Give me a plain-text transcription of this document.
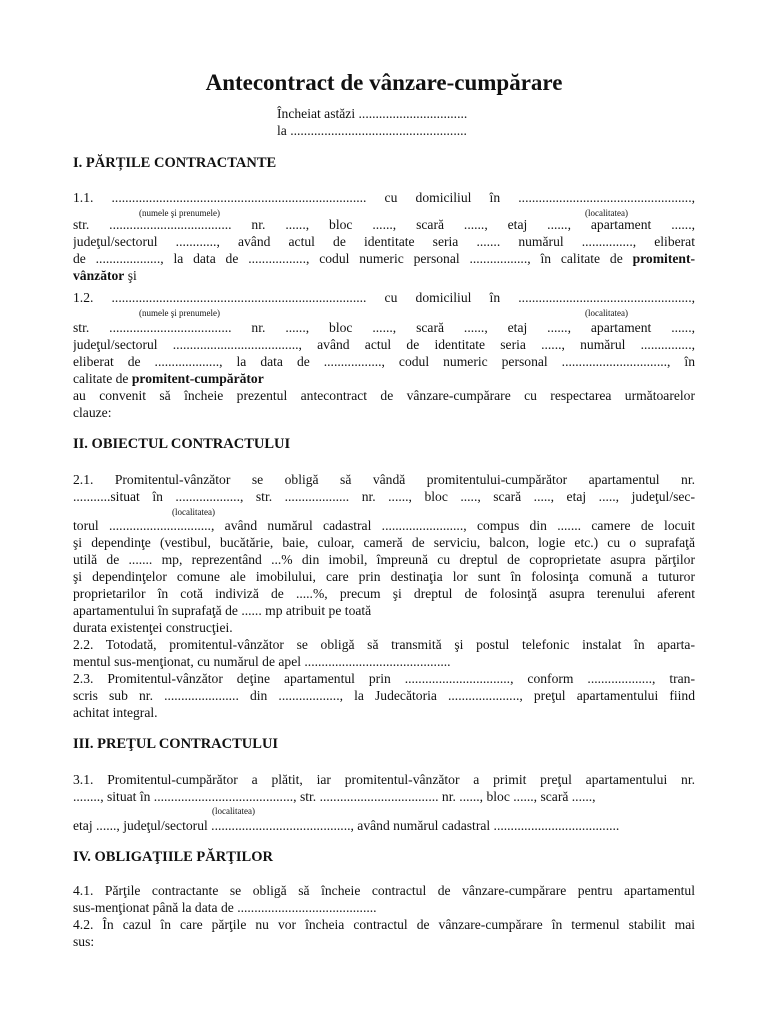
Antecontract de vânzare-cumpărare
Încheiat astăzi ................................
la ....................................................
I. PĂRȚILE CONTRACTANTE
1.1. ........................................................................... cu domiciliul în ...................................................,
str. .................................... nr. ......, bloc ......, scară ......, etaj ......, apartament ......,
judeţul/sectorul ............, având actul de identitate seria ....... numărul ..............., eliberat
de ..................., la data de ................., codul numeric personal ................., în calitate de promitent-
vânzător şi
(numele şi prenumele)	(localitatea)
1.2. ........................................................................... cu domiciliul în ...................................................,
str. .................................... nr. ......, bloc ......, scară ......, etaj ......, apartament ......,
judeţul/sectorul ....................................., având actul de identitate seria ......, numărul ...............,
eliberat de ..................., la data de ................., codul numeric personal ..............................., în
calitate de promitent-cumpărător
au convenit să încheie prezentul antecontract de vânzare-cumpărare cu respectarea următoarelor
clauze:
(numele şi prenumele)	(localitatea)
II. OBIECTUL CONTRACTULUI
2.1. Promitentul-vânzător se obligă să vândă promitentului-cumpărător apartamentul nr.
...........situat în ..................., str. ................... nr. ......, bloc ....., scară ....., etaj ....., judeţul/sec-
torul .............................., având numărul cadastral ........................, compus din ....... camere de locuit
şi dependinţe (vestibul, bucătărie, baie, culoar, cameră de serviciu, balcon, logie etc.) cu o suprafaţă
utilă de ....... mp, reprezentând ...% din imobil, împreună cu dreptul de coproprietate asupra părţilor
şi dependinţelor comune ale imobilului, care prin destinaţia lor sunt în folosinţa comună a tuturor
proprietarilor în cotă indiviză de .....%, precum şi dreptul de folosinţă asupra terenului aferent
apartamentului în suprafaţă de ...... mp atribuit pe toată
durata existenţei construcţiei.
(localitatea)
2.2. Totodată, promitentul-vânzător se obligă să transmită şi postul telefonic instalat în aparta-
mentul sus-menţionat, cu numărul de apel ...........................................
2.3. Promitentul-vânzător deţine apartamentul prin ..............................., conform ..................., tran-
scris sub nr. ...................... din .................., la Judecătoria ....................., preţul apartamentului fiind
achitat integral.
III. PREŢUL CONTRACTULUI
3.1. Promitentul-cumpărător a plătit, iar promitentul-vânzător a primit preţul apartamentului nr.
........, situat în ........................................., str. ................................... nr. ......, bloc ......, scară ......,
etaj ......, judeţul/sectorul ........................................., având numărul cadastral .....................................
(localitatea)
IV. OBLIGAŢIILE PĂRŢILOR
4.1. Părţile contractante se obligă să încheie contractul de vânzare-cumpărare pentru apartamentul
sus-menţionat până la data de .........................................
4.2. În cazul în care părţile nu vor încheia contractul de vânzare-cumpărare în termenul stabilit mai
sus:
